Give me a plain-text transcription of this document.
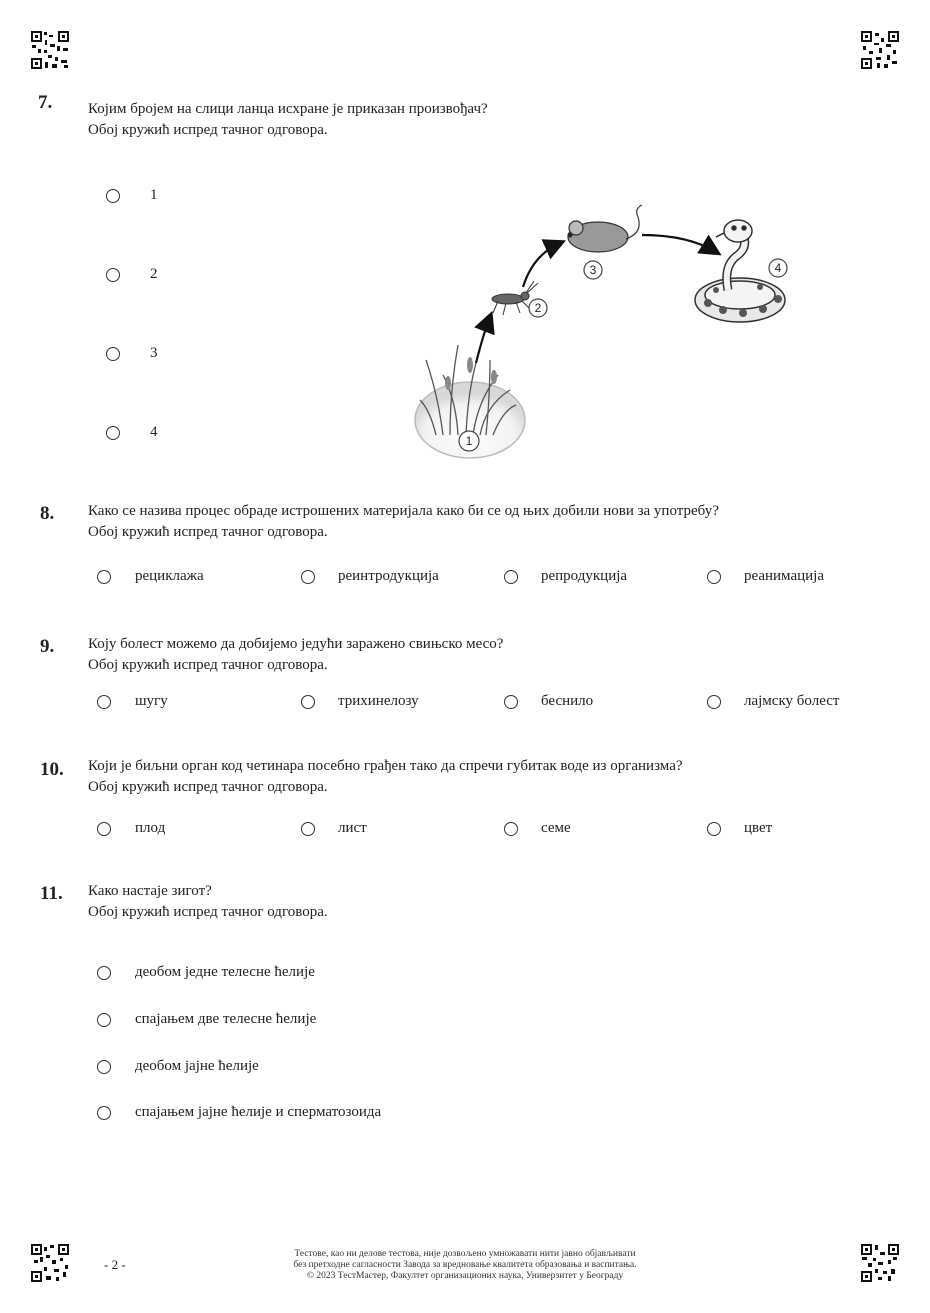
7. Којим бројем на слици ланца исхране је приказан произвођач?
Обој кружић испред тачног одговора.
1
2
3
4
1
2
3	4
8. Како се назива процес обраде истрошених материјала како би се од њих добили нови за употребу?
Обој кружић испред тачног одговора.
рециклажа	реинтродукција	репродукција	реанимација
9. Коју болест можемо да добијемо једући заражено свињско месо?
Обој кружић испред тачног одговора.
шугу	трихинелозу	беснило	лајмску болест
10. Који је биљни орган код четинара посебно грађен тако да спречи губитак воде из организма?
Обој кружић испред тачног одговора.
плод	лист	семе	цвет
11. Како настаје зигот?
Обој кружић испред тачног одговора.
деобом једне телесне ћелије
спајањем две телесне ћелије
деобом јајне ћелије
спајањем јајне ћелије и сперматозоида
- 2 -
Тестове, као ни делове тестова, није дозвољено умножавати нити јавно објављивати
без претходне сагласности Завода за вредновање квалитета образовања и васпитања.
© 2023 ТестМастер, Факултет организационих наука, Универзитет у Београду
